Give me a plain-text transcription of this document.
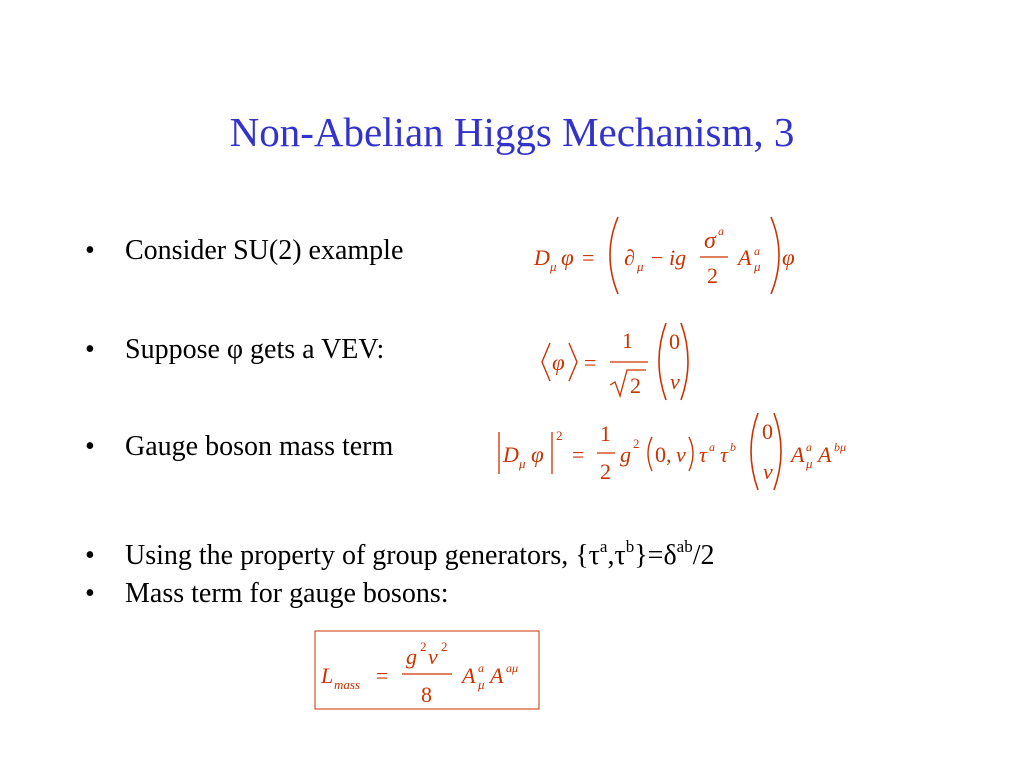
Non-Abelian Higgs Mechanism, 3
• Consider SU(2) example
• Suppose φ gets a VEV:
• Gauge boson mass term
• Using the property of group generators, $\{\tau^a,\tau^b\}=\delta^{ab}/2$
• Mass term for gauge bosons:
D μ φ = ∂ μ − ig
σ a
2
A a
μ φ
φ =
1
2
0
v
D μ φ
2
=
1
2
g 2 0, v τ a τ b
0
v
A a
μ A bμ
L mass =
g 2 v 2
8
A a
μ A aμ
